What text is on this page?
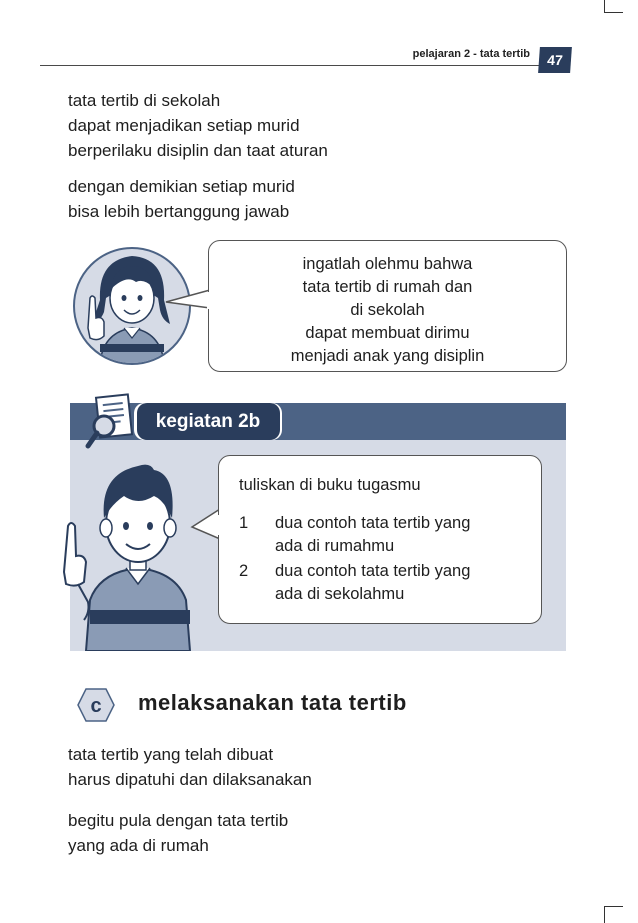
pelajaran 2 - tata tertib	47
tata tertib di sekolah
dapat menjadikan setiap murid
berperilaku disiplin dan taat aturan
dengan demikian setiap murid
bisa lebih bertanggung jawab
ingatlah olehmu bahwa
tata tertib di rumah dan
di sekolah
dapat membuat dirimu
menjadi anak yang disiplin
kegiatan 2b
tuliskan di buku tugasmu
1 dua contoh tata tertib yang
ada di rumahmu
2 dua contoh tata tertib yang
ada di sekolahmu
c melaksanakan tata tertib
tata tertib yang telah dibuat
harus dipatuhi dan dilaksanakan
begitu pula dengan tata tertib
yang ada di rumah
